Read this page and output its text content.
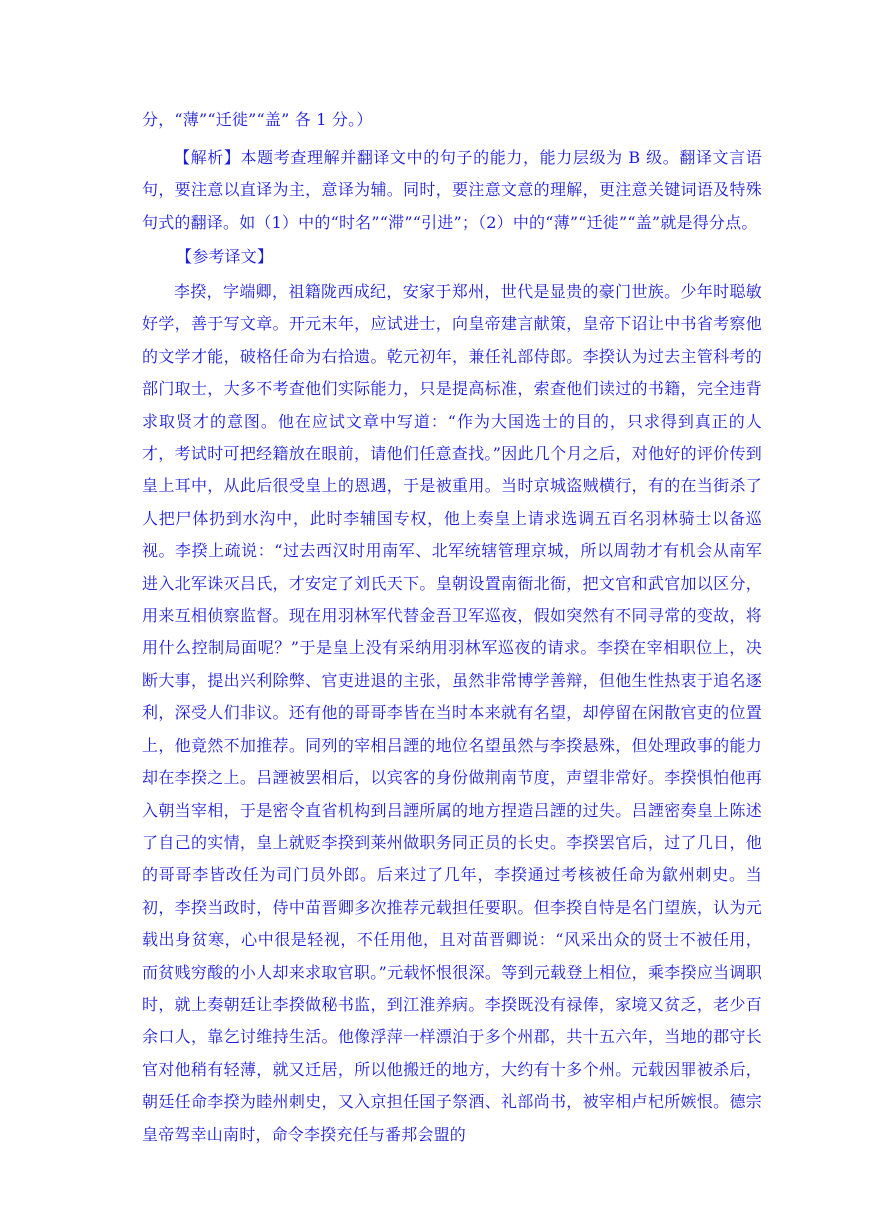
分，“薄”“迁徙”“盖” 各 1 分。）
【解析】本题考查理解并翻译文中的句子的能力，能力层级为 B 级。翻译文言语句，要注意以直译为主，意译为辅。同时，要注意文意的理解，更注意关键词语及特殊句式的翻译。如（1）中的“时名”“滞”“引进”；（2）中的“薄”“迁徙”“盖”就是得分点。
【参考译文】
李揆，字端卿，祖籍陇西成纪，安家于郑州，世代是显贵的豪门世族。少年时聪敏好学，善于写文章。开元末年，应试进士，向皇帝建言献策，皇帝下诏让中书省考察他的文学才能，破格任命为右拾遗。乾元初年，兼任礼部侍郎。李揆认为过去主管科考的部门取士，大多不考查他们实际能力，只是提高标准，索查他们读过的书籍，完全违背求取贤才的意图。他在应试文章中写道：“作为大国选士的目的，只求得到真正的人才，考试时可把经籍放在眼前，请他们任意查找。”因此几个月之后，对他好的评价传到皇上耳中，从此后很受皇上的恩遇，于是被重用。当时京城盗贼横行，有的在当街杀了人把尸体扔到水沟中，此时李辅国专权，他上奏皇上请求选调五百名羽林骑士以备巡视。李揆上疏说：“过去西汉时用南军、北军统辖管理京城，所以周勃才有机会从南军进入北军诛灭吕氏，才安定了刘氏天下。皇朝设置南衙北衙，把文官和武官加以区分，用来互相侦察监督。现在用羽林军代替金吾卫军巡夜，假如突然有不同寻常的变故，将用什么控制局面呢？”于是皇上没有采纳用羽林军巡夜的请求。李揆在宰相职位上，决断大事，提出兴利除弊、官吏进退的主张，虽然非常博学善辩，但他生性热衷于追名逐利，深受人们非议。还有他的哥哥李皆在当时本来就有名望，却停留在闲散官吏的位置上，他竟然不加推荐。同列的宰相吕諲的地位名望虽然与李揆悬殊，但处理政事的能力却在李揆之上。吕諲被罢相后，以宾客的身份做荆南节度，声望非常好。李揆惧怕他再入朝当宰相，于是密令直省机构到吕諲所属的地方捏造吕諲的过失。吕諲密奏皇上陈述了自己的实情，皇上就贬李揆到莱州做职务同正员的长史。李揆罢官后，过了几日，他的哥哥李皆改任为司门员外郎。后来过了几年，李揆通过考核被任命为歙州刺史。当初，李揆当政时，侍中苗晋卿多次推荐元载担任要职。但李揆自恃是名门望族，认为元载出身贫寒，心中很是轻视，不任用他，且对苗晋卿说：“风采出众的贤士不被任用，而贫贱穷酸的小人却来求取官职。”元载怀恨很深。等到元载登上相位，乘李揆应当调职时，就上奏朝廷让李揆做秘书监，到江淮养病。李揆既没有禄俸，家境又贫乏，老少百余口人，靠乞讨维持生活。他像浮萍一样漂泊于多个州郡，共十五六年，当地的郡守长官对他稍有轻薄，就又迁居，所以他搬迁的地方，大约有十多个州。元载因罪被杀后，朝廷任命李揆为睦州刺史，又入京担任国子祭酒、礼部尚书，被宰相卢杞所嫉恨。德宗皇帝驾幸山南时，命令李揆充任与番邦会盟的
